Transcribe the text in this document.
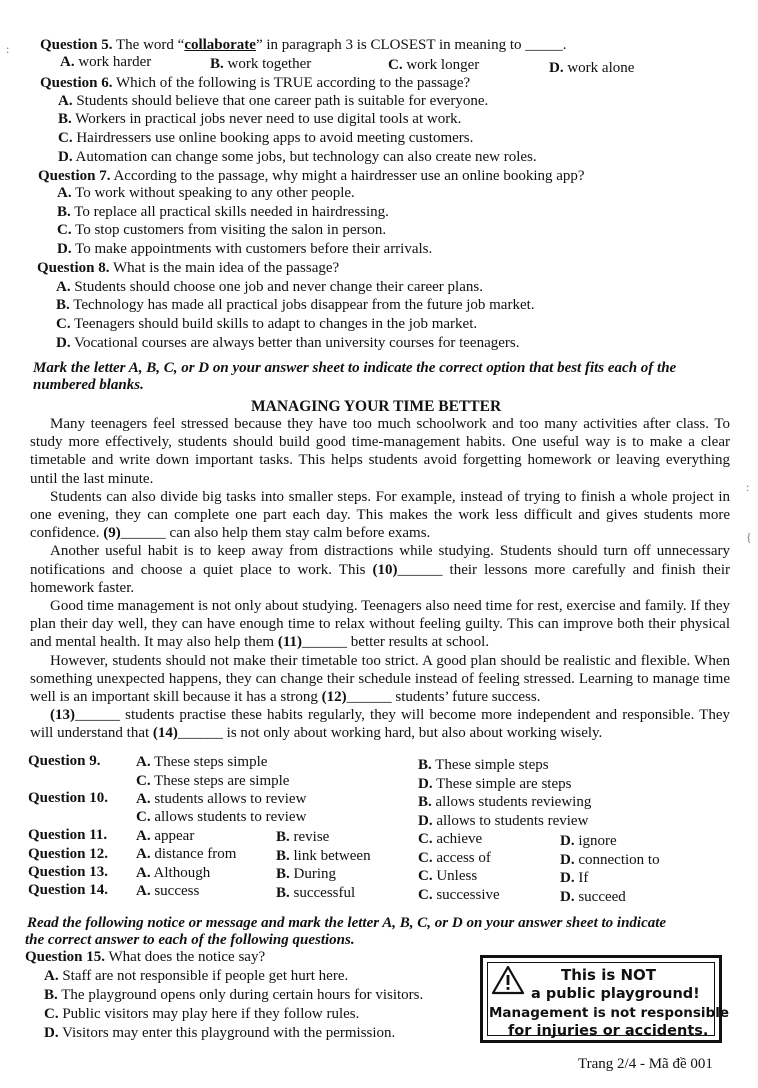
:
:
{
Question 5. The word “collaborate” in paragraph 3 is CLOSEST in meaning to _____.
A. work harder	B. work together	C. work longer	D. work alone
Question 6. Which of the following is TRUE according to the passage?
A. Students should believe that one career path is suitable for everyone.
B. Workers in practical jobs never need to use digital tools at work.
C. Hairdressers use online booking apps to avoid meeting customers.
D. Automation can change some jobs, but technology can also create new roles.
Question 7. According to the passage, why might a hairdresser use an online booking app?
A. To work without speaking to any other people.
B. To replace all practical skills needed in hairdressing.
C. To stop customers from visiting the salon in person.
D. To make appointments with customers before their arrivals.
Question 8. What is the main idea of the passage?
A. Students should choose one job and never change their career plans.
B. Technology has made all practical jobs disappear from the future job market.
C. Teenagers should build skills to adapt to changes in the job market.
D. Vocational courses are always better than university courses for teenagers.
Mark the letter A, B, C, or D on your answer sheet to indicate the correct option that best fits each of the
numbered blanks.
MANAGING YOUR TIME BETTER

Many teenagers feel stressed because they have too much schoolwork and too many activities after class. To study more effectively, students should build good time-management habits. One useful way is to make a clear timetable and write down important tasks. This helps students avoid forgetting homework or leaving everything until the last minute.

Students can also divide big tasks into smaller steps. For example, instead of trying to finish a whole project in one evening, they can complete one part each day. This makes the work less difficult and gives students more confidence. (9)______ can also help them stay calm before exams.

Another useful habit is to keep away from distractions while studying. Students should turn off unnecessary notifications and choose a quiet place to work. This (10)______ their lessons more carefully and finish their homework faster.

Good time management is not only about studying. Teenagers also need time for rest, exercise and family. If they plan their day well, they can have enough time to relax without feeling guilty. This can improve both their physical and mental health. It may also help them (11)______ better results at school.

However, students should not make their timetable too strict. A good plan should be realistic and flexible. When something unexpected happens, they can change their schedule instead of feeling stressed. Learning to manage time well is an important skill because it has a strong (12)______ students’ future success.

(13)______ students practise these habits regularly, they will become more independent and responsible. They will understand that (14)______ is not only about working hard, but also about working wisely.

Question 9. A. These steps simple	B. These simple steps
C. These steps are simple	D. These simple are steps
Question 10. A. students allows to review	B. allows students reviewing
C. allows students to review	D. allows to students review
Question 11. A. appear	B. revise	C. achieve	D. ignore
Question 12. A. distance from	B. link between	C. access of	D. connection to
Question 13. A. Although	B. During	C. Unless	D. If
Question 14. A. success	B. successful	C. successive	D. succeed
Read the following notice or message and mark the letter A, B, C, or D on your answer sheet to indicate
the correct answer to each of the following questions.
Question 15. What does the notice say?
A. Staff are not responsible if people get hurt here.
B. The playground opens only during certain hours for visitors.
C. Public visitors may play here if they follow rules.
D. Visitors may enter this playground with the permission.
This is NOT
a public playground!
Management is not responsible
for injuries or accidents.
Trang 2/4 - Mã đề 001
